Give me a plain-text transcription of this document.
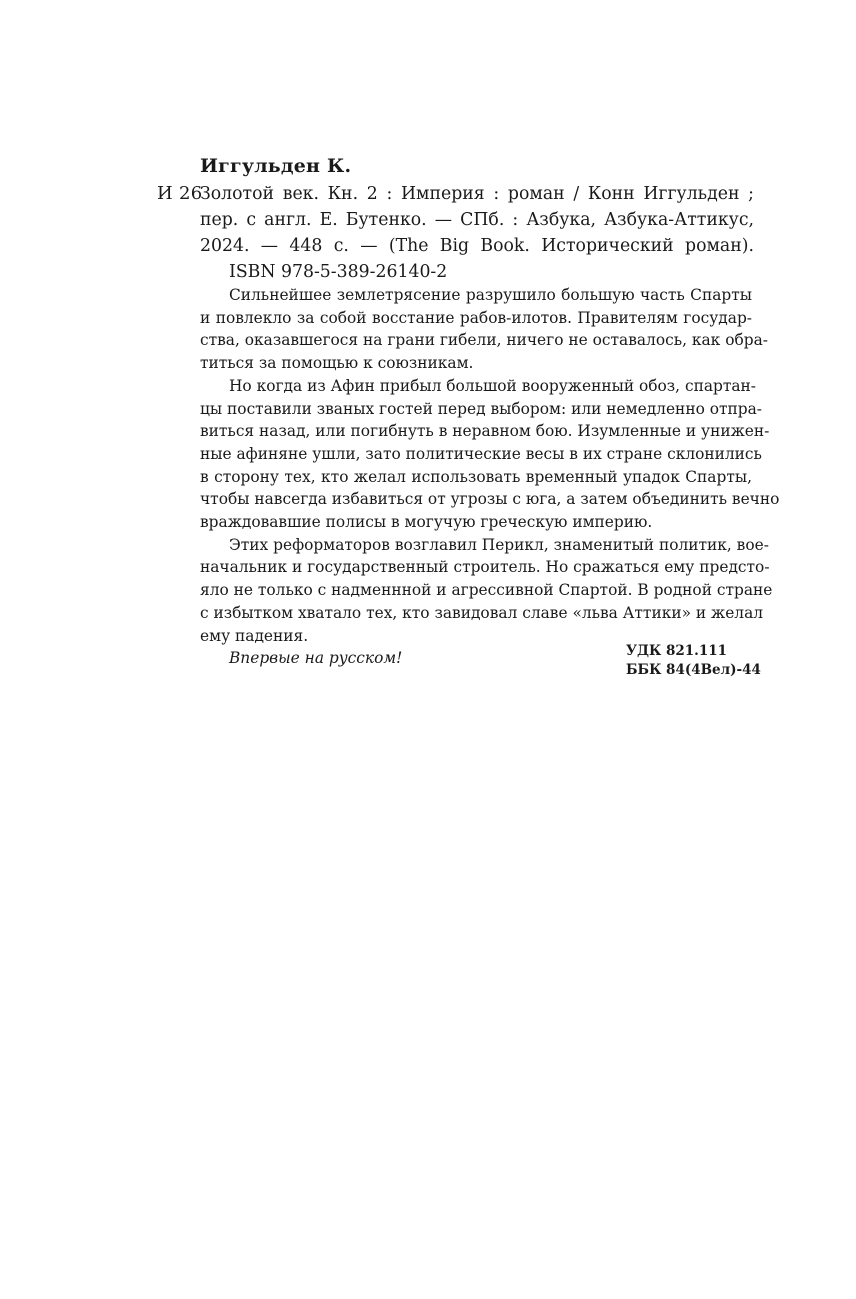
Иггульден К.
И 26
Золотой век. Кн. 2 : Империя : роман / Конн Иггульден ;
пер. с англ. Е. Бутенко. — СПб. : Азбука, Азбука-Аттикус,
2024. — 448 с. — (The Big Book. Исторический роман).
ISBN 978-5-389-26140-2
Сильнейшее землетрясение разрушило большую часть Спарты
и повлекло за собой восстание рабов-илотов. Правителям государ-
ства, оказавшегося на грани гибели, ничего не оставалось, как обра-
титься за помощью к союзникам.
Но когда из Афин прибыл большой вооруженный обоз, спартан-
цы поставили званых гостей перед выбором: или немедленно отпра-
виться назад, или погибнуть в неравном бою. Изумленные и унижен-
ные афиняне ушли, зато политические весы в их стране склонились
в сторону тех, кто желал использовать временный упадок Спарты,
чтобы навсегда избавиться от угрозы с юга, а затем объединить вечно
враждовавшие полисы в могучую греческую империю.
Этих реформаторов возглавил Перикл, знаменитый политик, вое-
начальник и государственный строитель. Но сражаться ему предсто-
яло не только с надменнной и агрессивной Спартой. В родной стране
с избытком хватало тех, кто завидовал славе «льва Аттики» и желал
ему падения.
Впервые на русском!	УДК 821.111
ББК 84(4Вел)-44
